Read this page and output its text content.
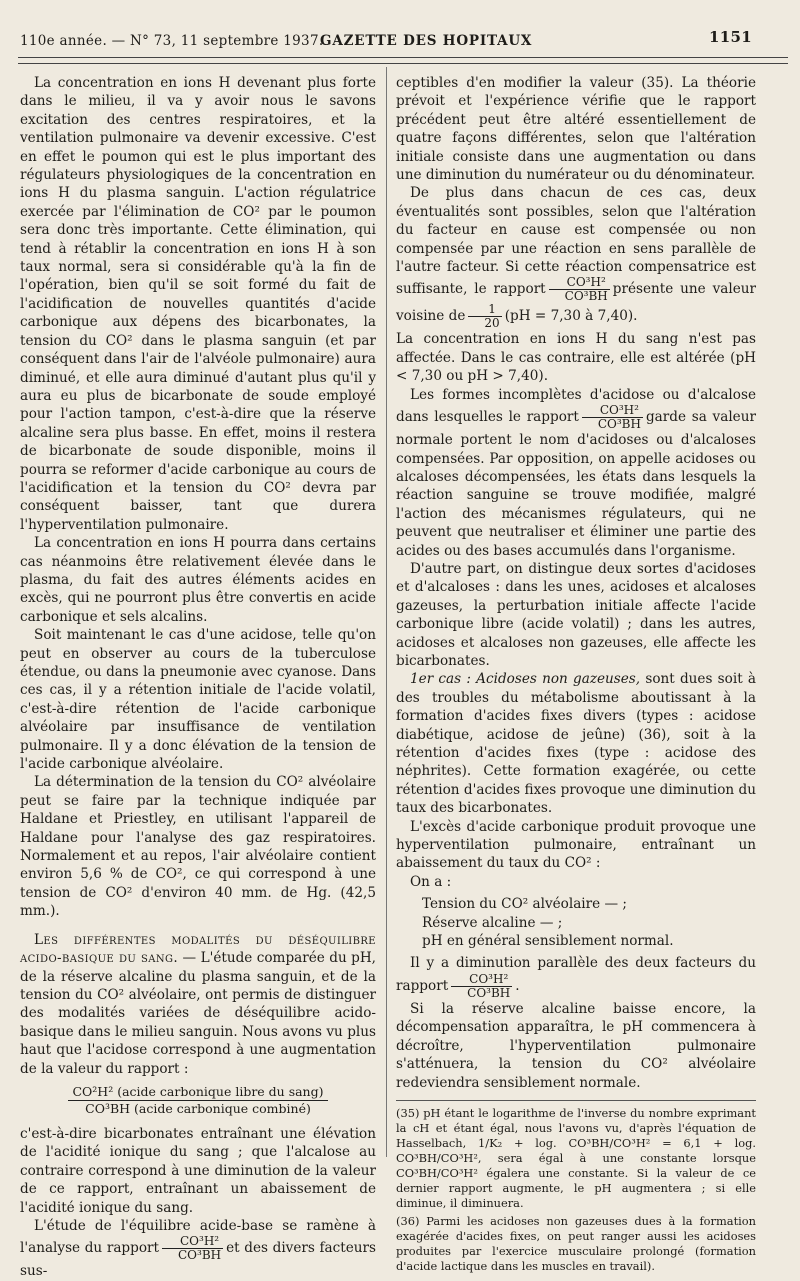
110e année. — N° 73, 11 septembre 1937.
GAZETTE DES HOPITAUX	1151

La concentration en ions H devenant plus forte dans le milieu, il va y avoir nous le savons excitation des centres respiratoires, et la ventilation pulmonaire va devenir excessive. C'est en effet le poumon qui est le plus important des régulateurs physiologiques de la concentration en ions H du plasma sanguin. L'action régulatrice exercée par l'élimination de CO² par le poumon sera donc très importante. Cette élimination, qui tend à rétablir la concentration en ions H à son taux normal, sera si considérable qu'à la fin de l'opération, bien qu'il se soit formé du fait de l'acidification de nouvelles quantités d'acide carbonique aux dépens des bicarbonates, la tension du CO² dans le plasma sanguin (et par conséquent dans l'air de l'alvéole pulmonaire) aura diminué, et elle aura diminué d'autant plus qu'il y aura eu plus de bicarbonate de soude employé pour l'action tampon, c'est-à-dire que la réserve alcaline sera plus basse. En effet, moins il restera de bicarbonate de soude disponible, moins il pourra se reformer d'acide carbonique au cours de l'acidification et la tension du CO² devra par conséquent baisser, tant que durera l'hyperventilation pulmonaire.

La concentration en ions H pourra dans certains cas néanmoins être relativement élevée dans le plasma, du fait des autres éléments acides en excès, qui ne pourront plus être convertis en acide carbonique et sels alcalins.

Soit maintenant le cas d'une acidose, telle qu'on peut en observer au cours de la tuberculose étendue, ou dans la pneumonie avec cyanose. Dans ces cas, il y a rétention initiale de l'acide volatil, c'est-à-dire rétention de l'acide carbonique alvéolaire par insuffisance de ventilation pulmonaire. Il y a donc élévation de la tension de l'acide carbonique alvéolaire.

La détermination de la tension du CO² alvéolaire peut se faire par la technique indiquée par Haldane et Priestley, en utilisant l'appareil de Haldane pour l'analyse des gaz respiratoires. Normalement et au repos, l'air alvéolaire contient environ 5,6 % de CO², ce qui correspond à une tension de CO² d'environ 40 mm. de Hg. (42,5 mm.).

Les différentes modalités du déséquilibre acido-basique du sang. — L'étude comparée du pH, de la réserve alcaline du plasma sanguin, et de la tension du CO² alvéolaire, ont permis de distinguer des modalités variées de déséquilibre acido-basique dans le milieu sanguin. Nous avons vu plus haut que l'acidose correspond à une augmentation de la valeur du rapport :

CO²H² (acide carbonique libre du sang)
CO³BH (acide carbonique combiné)

c'est-à-dire bicarbonates entraînant une élévation de l'acidité ionique du sang ; que l'alcalose au contraire correspond à une diminution de la valeur de ce rapport, entraînant un abaissement de l'acidité ionique du sang.

L'étude de l'équilibre acide-base se ramène à l'analyse du rapport $\frac{\text{CO³H²}}{\text{CO³BH}}$ et des divers facteurs sus-

ceptibles d'en modifier la valeur (35). La théorie prévoit et l'expérience vérifie que le rapport précédent peut être altéré essentiellement de quatre façons différentes, selon que l'altération initiale consiste dans une augmentation ou dans une diminution du numérateur ou du dénominateur.

De plus dans chacun de ces cas, deux éventualités sont possibles, selon que l'altération du facteur en cause est compensée ou non compensée par une réaction en sens parallèle de l'autre facteur. Si cette réaction compensatrice est suffisante, le rapport $\frac{\text{CO³H²}}{\text{CO³BH}}$ présente une valeur voisine de $\frac{1}{20} (pH = 7,30$ à 7,40).

La concentration en ions H du sang n'est pas affectée. Dans le cas contraire, elle est altérée (pH < 7,30 ou pH > 7,40).

Les formes incomplètes d'acidose ou d'alcalose dans lesquelles le rapport $\frac{\text{CO³H²}}{\text{CO³BH}}$ garde sa valeur normale portent le nom d'acidoses ou d'alcaloses compensées. Par opposition, on appelle acidoses ou alcaloses décompensées, les états dans lesquels la réaction sanguine se trouve modifiée, malgré l'action des mécanismes régulateurs, qui ne peuvent que neutraliser et éliminer une partie des acides ou des bases accumulés dans l'organisme.

D'autre part, on distingue deux sortes d'acidoses et d'alcaloses : dans les unes, acidoses et alcaloses gazeuses, la perturbation initiale affecte l'acide carbonique libre (acide volatil) ; dans les autres, acidoses et alcaloses non gazeuses, elle affecte les bicarbonates.

1er cas : Acidoses non gazeuses, sont dues soit à des troubles du métabolisme aboutissant à la formation d'acides fixes divers (types : acidose diabétique, acidose de jeûne) (36), soit à la rétention d'acides fixes (type : acidose des néphrites). Cette formation exagérée, ou cette rétention d'acides fixes provoque une diminution du taux des bicarbonates.

L'excès d'acide carbonique produit provoque une hyperventilation pulmonaire, entraînant un abaissement du taux du CO² :

On a :

Tension du CO² alvéolaire — ;
Réserve alcaline — ;
pH en général sensiblement normal.

Il y a diminution parallèle des deux facteurs du rapport $\frac{\text{CO³H²}}{\text{CO³BH}}$ .

Si la réserve alcaline baisse encore, la décompensation apparaîtra, le pH commencera à décroître, l'hyperventilation pulmonaire s'atténuera, la tension du CO² alvéolaire redeviendra sensiblement normale.

(35) pH étant le logarithme de l'inverse du nombre exprimant la cH et étant égal, nous l'avons vu, d'après l'équation de Hasselbach, 1/K₂ + log. CO³BH/CO³H² = 6,1 + log. CO³BH/CO³H², sera égal à une constante lorsque CO³BH/CO³H² égalera une constante. Si la valeur de ce dernier rapport augmente, le pH augmentera ; si elle diminue, il diminuera.

(36) Parmi les acidoses non gazeuses dues à la formation exagérée d'acides fixes, on peut ranger aussi les acidoses produites par l'exercice musculaire prolongé (formation d'acide lactique dans les muscles en travail).
